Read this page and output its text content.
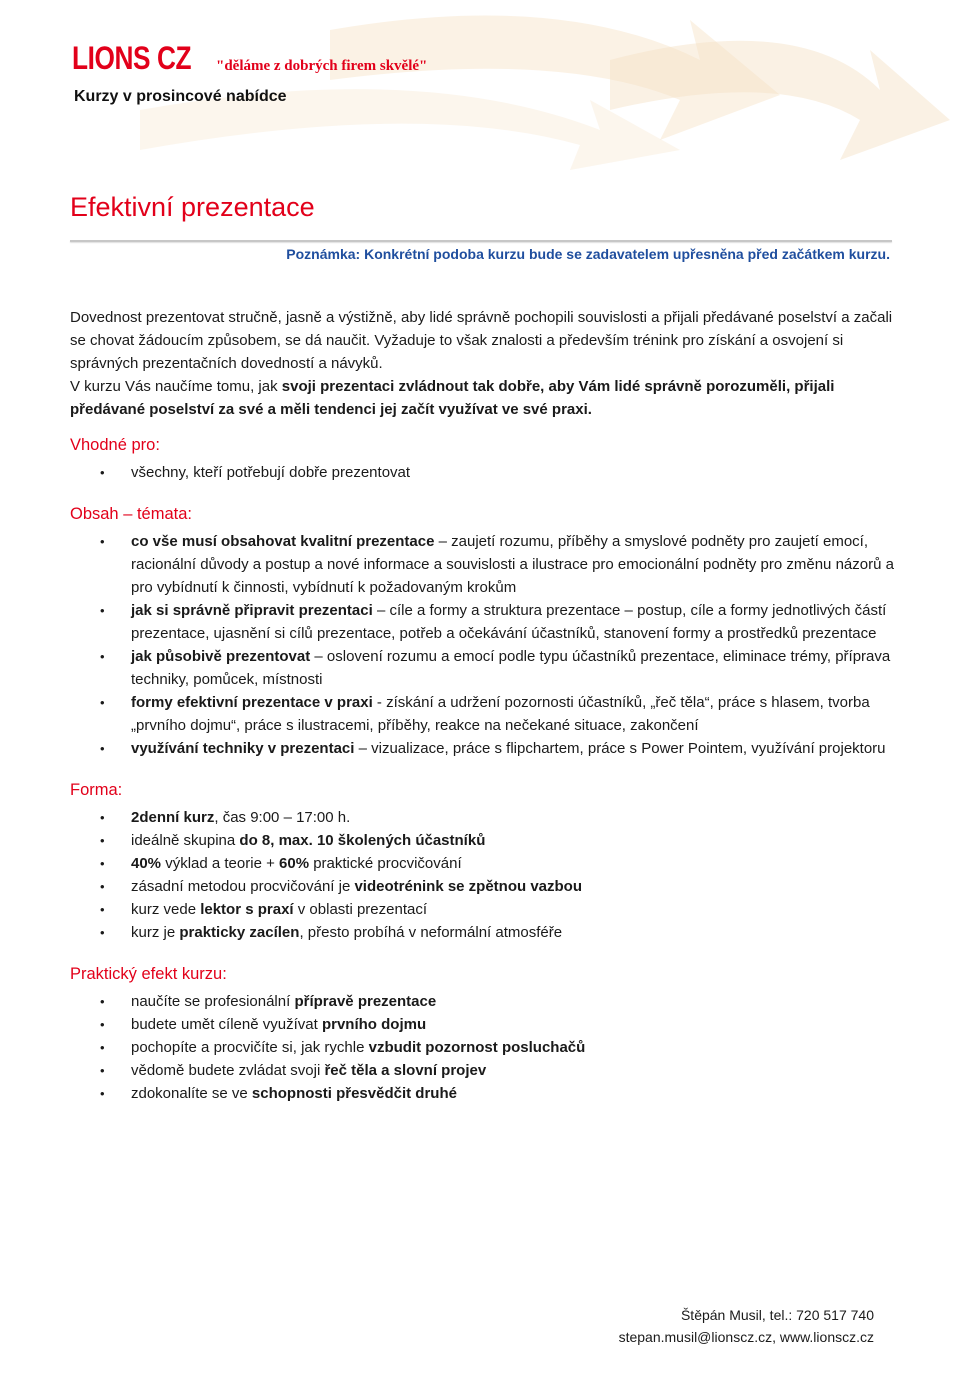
LIONS CZ "děláme z dobrých firem skvělé"
Kurzy v prosincové nabídce
Efektivní prezentace
Poznámka: Konkrétní podoba kurzu bude se zadavatelem upřesněna před začátkem kurzu.

Dovednost prezentovat stručně, jasně a výstižně, aby lidé správně pochopili souvislosti a přijali předávané poselství a začali se chovat žádoucím způsobem, se dá naučit. Vyžaduje to však znalosti a především trénink pro získání a osvojení si správných prezentačních dovedností a návyků.

V kurzu Vás naučíme tomu, jak svoji prezentaci zvládnout tak dobře, aby Vám lidé správně porozuměli, přijali předávané poselství za své a měli tendenci jej začít využívat ve své praxi.

Vhodné pro:
• všechny, kteří potřebují dobře prezentovat
Obsah – témata:
• co vše musí obsahovat kvalitní prezentace – zaujetí rozumu, příběhy a smyslové podněty pro zaujetí emocí, racionální důvody a postup a nové informace a souvislosti a ilustrace pro emocionální podněty pro změnu názorů a pro vybídnutí k činnosti, vybídnutí k požadovaným krokům
• jak si správně připravit prezentaci – cíle a formy a struktura prezentace – postup, cíle a formy jednotlivých částí prezentace, ujasnění si cílů prezentace, potřeb a očekávání účastníků, stanovení formy a prostředků prezentace
• jak působivě prezentovat – oslovení rozumu a emocí podle typu účastníků prezentace, eliminace trémy, příprava techniky, pomůcek, místnosti
• formy efektivní prezentace v praxi - získání a udržení pozornosti účastníků, „řeč těla“, práce s hlasem, tvorba „prvního dojmu“, práce s ilustracemi, příběhy, reakce na nečekané situace, zakončení
• využívání techniky v prezentaci – vizualizace, práce s flipchartem, práce s Power Pointem, využívání projektoru
Forma:
• 2denní kurz, čas 9:00 – 17:00 h.
• ideálně skupina do 8, max. 10 školených účastníků
• 40% výklad a teorie + 60% praktické procvičování
• zásadní metodou procvičování je videotrénink se zpětnou vazbou
• kurz vede lektor s praxí v oblasti prezentací
• kurz je prakticky zacílen, přesto probíhá v neformální atmosféře
Praktický efekt kurzu:
• naučíte se profesionální přípravě prezentace
• budete umět cíleně využívat prvního dojmu
• pochopíte a procvičíte si, jak rychle vzbudit pozornost posluchačů
• vědomě budete zvládat svoji řeč těla a slovní projev
• zdokonalíte se ve schopnosti přesvědčit druhé
Štěpán Musil, tel.: 720 517 740
stepan.musil@lionscz.cz, www.lionscz.cz
